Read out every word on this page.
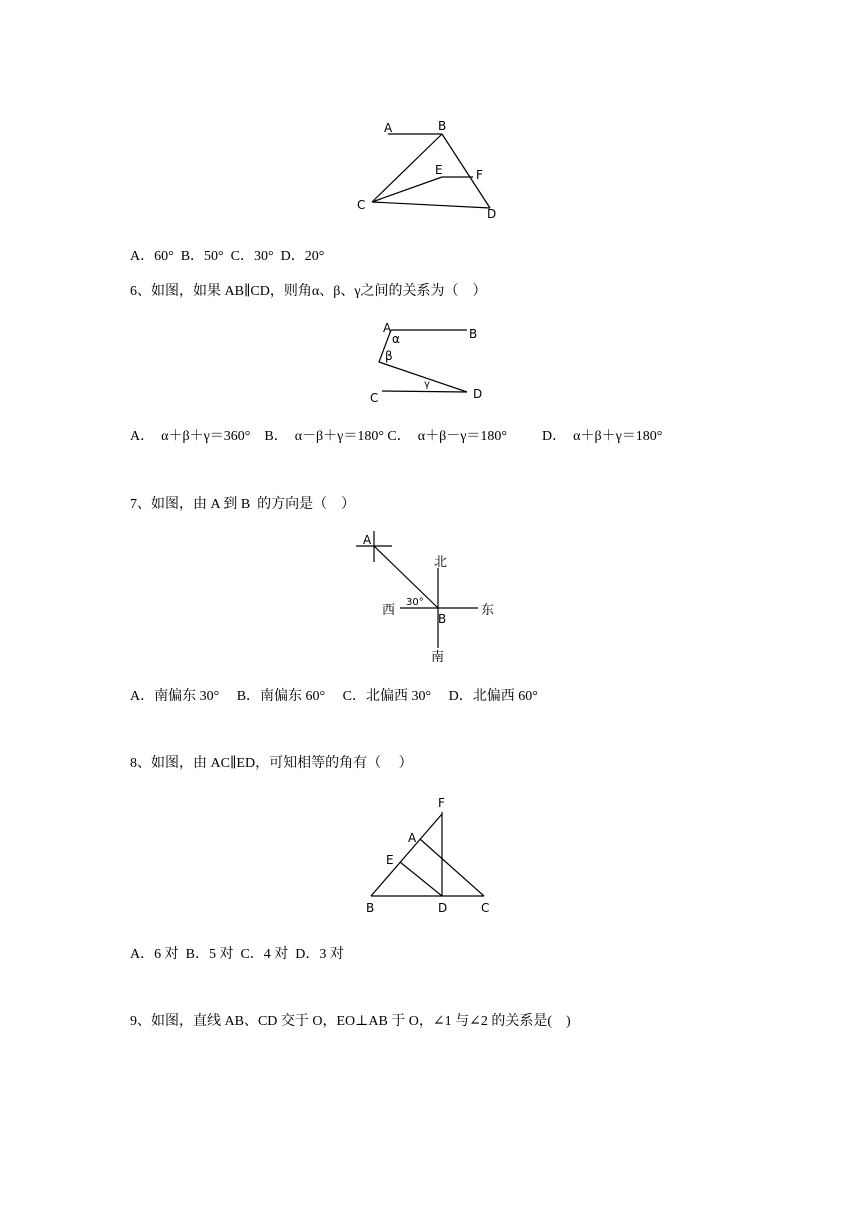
A	B
C
D
E	F
A．60°  B．50°  C．30°  D．20°
6、如图，如果 AB∥CD，则角α、β、γ之间的关系为（    ）
A	B
C	D
α
β
γ
A．  α＋β＋γ＝360°    B．  α－β＋γ＝180° C．  α＋β－γ＝180°          D．  α＋β＋γ＝180°
7、如图，由 A 到 B  的方向是（    ）
A
B
北
南
东
西
30°
A．南偏东 30°     B．南偏东 60°     C．北偏西 30°     D．北偏西 60°
8、如图，由 AC∥ED，可知相等的角有（     ）
F
A
E
B	D	C
A．6 对  B．5 对  C．4 对  D．3 对
9、如图，直线 AB、CD 交于 O，EO⊥AB 于 O，∠1 与∠2 的关系是(    )
